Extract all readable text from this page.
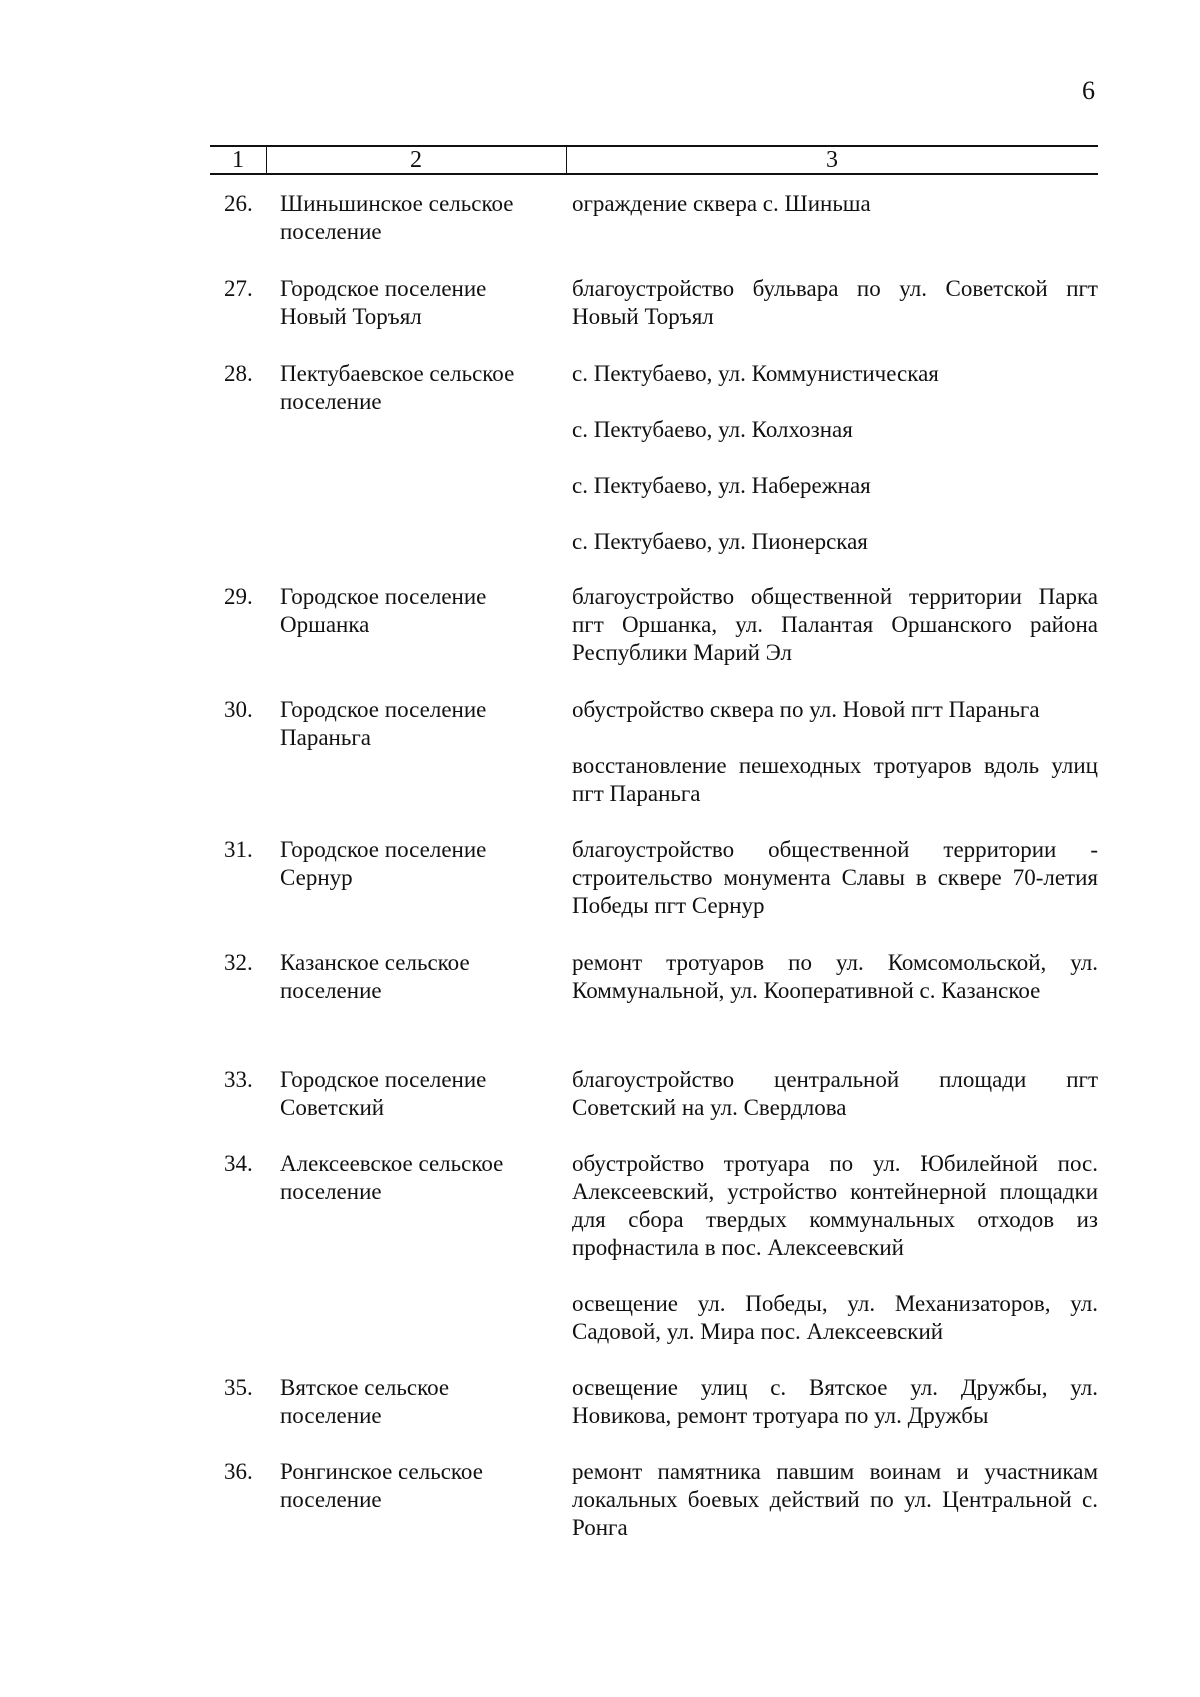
6
1	2	3
26. Шиньшинское сельское поселение
ограждение сквера с. Шиньша
27. Городское поселение Новый Торъял
благоустройство бульвара по ул. Советской пгт Новый Торъял
28. Пектубаевское сельское поселение
с. Пектубаево, ул. Коммунистическая
с. Пектубаево, ул. Колхозная
с. Пектубаево, ул. Набережная
с. Пектубаево, ул. Пионерская
29. Городское поселение Оршанка
благоустройство общественной территории Парка пгт Оршанка, ул. Палантая Оршанского района Республики Марий Эл
30. Городское поселение Параньга
обустройство сквера по ул. Новой пгт Параньга
восстановление пешеходных тротуаров вдоль улиц пгт Параньга
31. Городское поселение Сернур
благоустройство общественной территории - строительство монумента Славы в сквере 70-летия Победы пгт Сернур
32. Казанское сельское поселение
ремонт тротуаров по ул. Комсомольской, ул. Коммунальной, ул. Кооперативной с. Казанское
33. Городское поселение Советский
благоустройство центральной площади пгт Советский на ул. Свердлова
34. Алексеевское сельское поселение
обустройство тротуара по ул. Юбилейной пос. Алексеевский, устройство контейнерной площадки для сбора твердых коммунальных отходов из профнастила в пос. Алексеевский
освещение ул. Победы, ул. Механизаторов, ул. Садовой, ул. Мира пос. Алексеевский
35. Вятское сельское поселение
освещение улиц с. Вятское ул. Дружбы, ул. Новикова, ремонт тротуара по ул. Дружбы
36. Ронгинское сельское поселение
ремонт памятника павшим воинам и участникам локальных боевых действий по ул. Центральной с. Ронга
